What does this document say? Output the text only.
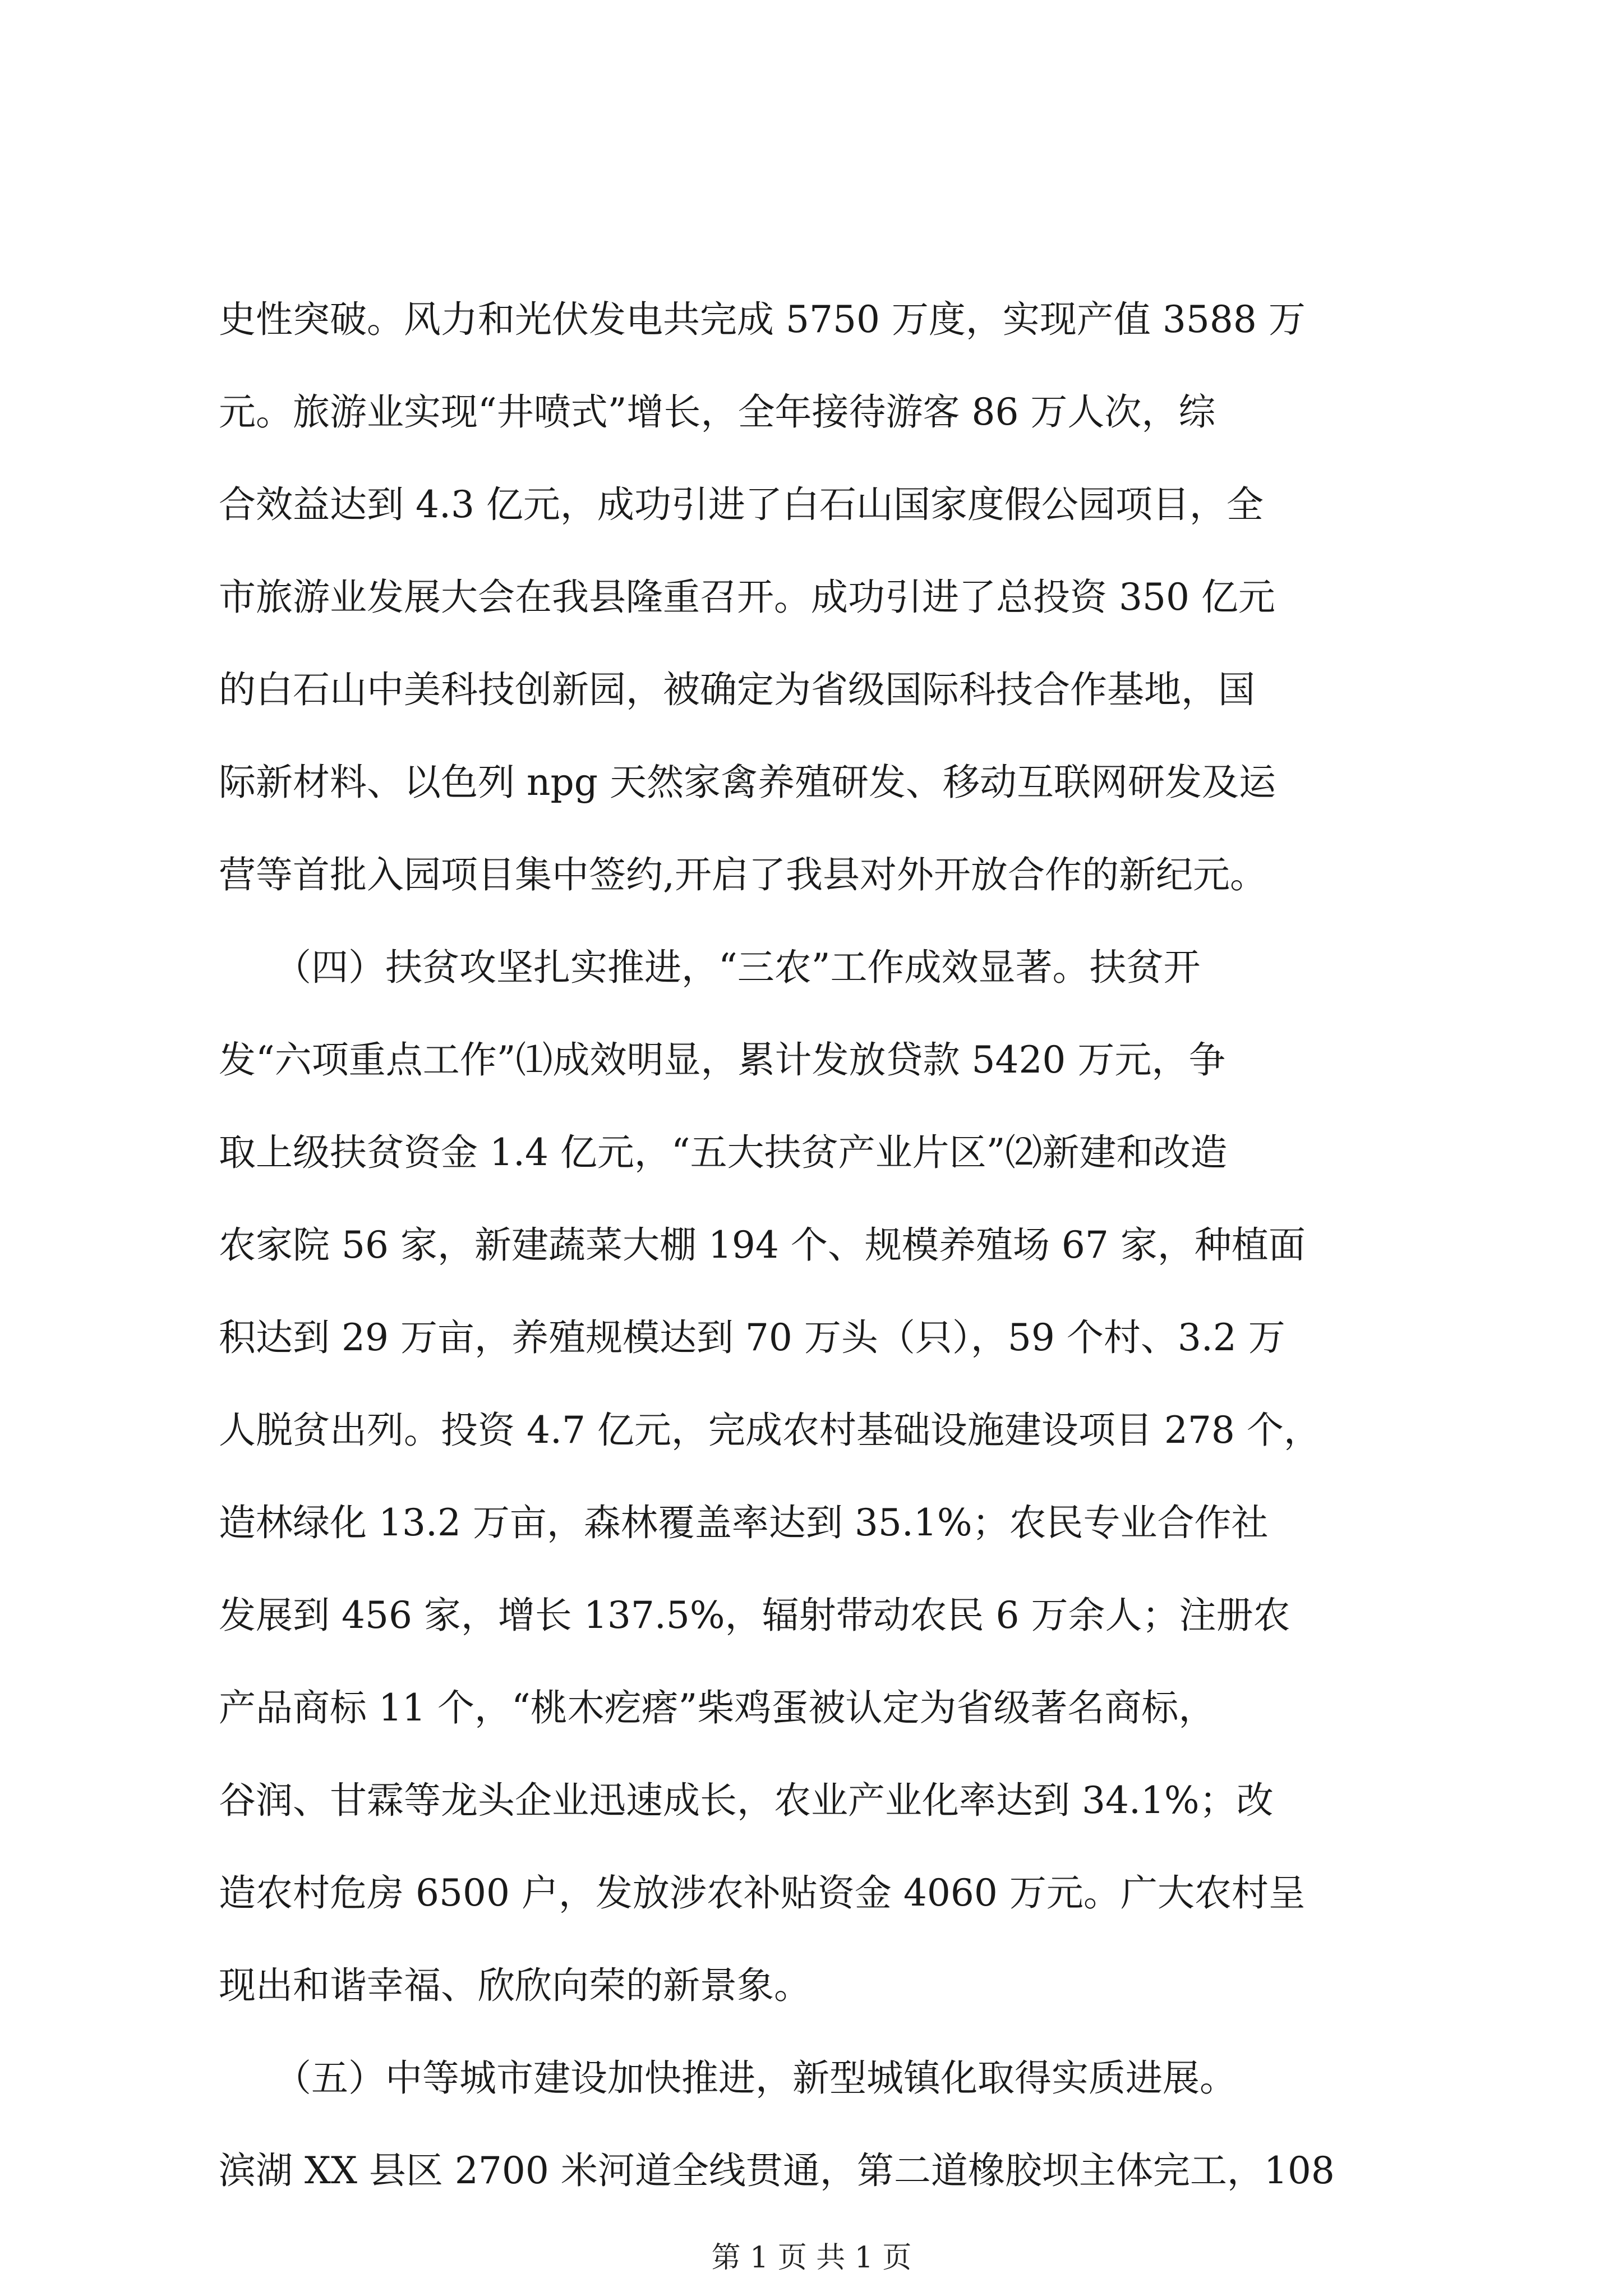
史性突破。风力和光伏发电共完成 5750 万度，实现产值 3588 万
元。旅游业实现“井喷式”增长，全年接待游客 86 万人次，综
合效益达到 4.3 亿元，成功引进了白石山国家度假公园项目，全
市旅游业发展大会在我县隆重召开。成功引进了总投资 350 亿元
的白石山中美科技创新园，被确定为省级国际科技合作基地，国
际新材料、以色列 npg 天然家禽养殖研发、移动互联网研发及运
营等首批入园项目集中签约,开启了我县对外开放合作的新纪元。
　　（四）扶贫攻坚扎实推进，“三农”工作成效显著。扶贫开
发“六项重点工作”⑴成效明显，累计发放贷款 5420 万元，争
取上级扶贫资金 1.4 亿元，“五大扶贫产业片区”⑵新建和改造
农家院 56 家，新建蔬菜大棚 194 个、规模养殖场 67 家，种植面
积达到 29 万亩，养殖规模达到 70 万头（只），59 个村、3.2 万
人脱贫出列。投资 4.7 亿元，完成农村基础设施建设项目 278 个，
造林绿化 13.2 万亩，森林覆盖率达到 35.1%；农民专业合作社
发展到 456 家，增长 137.5%，辐射带动农民 6 万余人；注册农
产品商标 11 个，“桃木疙瘩”柴鸡蛋被认定为省级著名商标，
谷润、甘霖等龙头企业迅速成长，农业产业化率达到 34.1%；改
造农村危房 6500 户，发放涉农补贴资金 4060 万元。广大农村呈
现出和谐幸福、欣欣向荣的新景象。
　　（五）中等城市建设加快推进，新型城镇化取得实质进展。
滨湖 XX 县区 2700 米河道全线贯通，第二道橡胶坝主体完工，108
第 1 页 共 1 页
